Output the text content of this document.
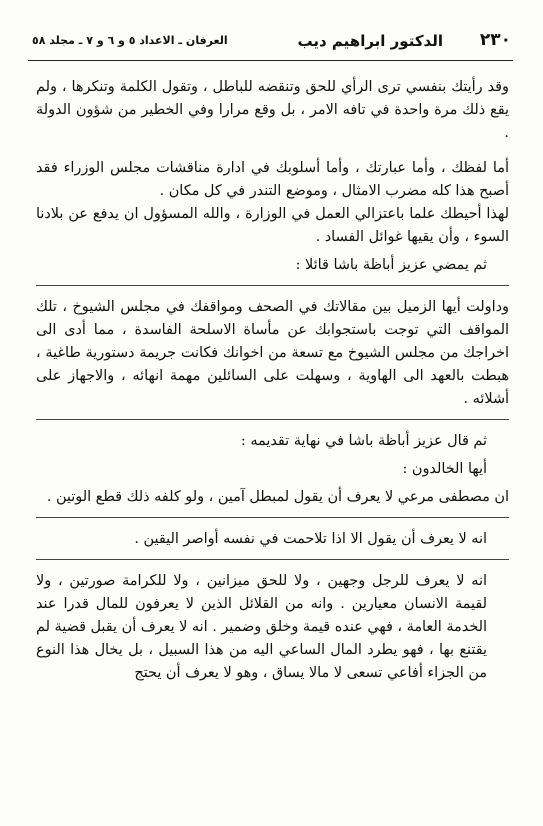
٢٣٠
الدكتور ابراهيم ديب
العرفان ـ الاعداد ٥ و ٦ و ٧ ـ مجلد ٥٨

وقد رأيتك بنفسي ترى الرأي للحق وتنقضه للباطل ، وتقول الكلمة وتنكرها ، ولم يقع ذلك مرة واحدة في تافه الامر ، بل وقع مرارا وفي الخطير من شؤون الدولة .

أما لفظك ، وأما عبارتك ، وأما أسلوبك في ادارة مناقشات مجلس الوزراء فقد أصبح هذا كله مضرب الامثال ، وموضع التندر في كل مكان .

لهذا أحيطك علما باعتزالي العمل في الوزارة ، والله المسؤول ان يدفع عن بلادنا السوء ، وأن يقيها غوائل الفساد .

ثم يمضي عزيز أباظة باشا قائلا :

وداولت أيها الزميل بين مقالاتك في الصحف ومواقفك في مجلس الشيوخ ، تلك المواقف التي توجت باستجوابك عن مأساة الاسلحة الفاسدة ، مما أدى الى اخراجك من مجلس الشيوخ مع تسعة من اخوانك فكانت جريمة دستورية طاغية ، هبطت بالعهد الى الهاوية ، وسهلت على السائلين مهمة انهائه ، والاجهاز على أشلائه .

ثم قال عزيز أباظة باشا في نهاية تقديمه :

أيها الخالدون :

ان مصطفى مرعي لا يعرف أن يقول لمبطل آمين ، ولو كلفه ذلك قطع الوتين .

انه لا يعرف أن يقول الا اذا تلاحمت في نفسه أواصر اليقين .

انه لا يعرف للرجل وجهين ، ولا للحق ميزانين ، ولا للكرامة صورتين ، ولا لقيمة الانسان معيارين . وانه من القلائل الذين لا يعرفون للمال قدرا عند الخدمة العامة ، فهي عنده قيمة وخلق وضمير . انه لا يعرف أن يقبل قضية لم يقتنع بها ، فهو يطرد المال الساعي اليه من هذا السبيل ، بل يخال هذا النوع من الجزاء أفاعي تسعى لا مالا يساق ، وهو لا يعرف أن يحتج
